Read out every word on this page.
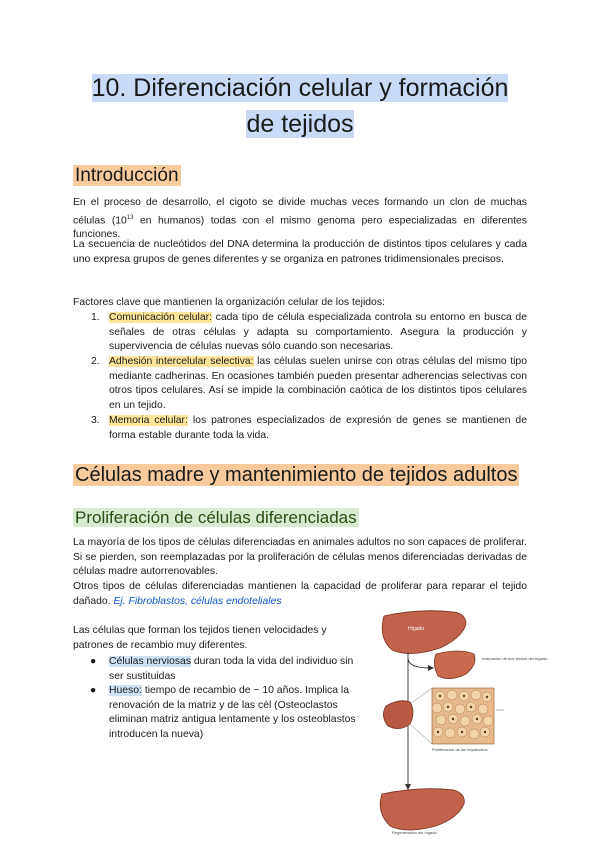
10. Diferenciación celular y formación
de tejidos
Introducción
En el proceso de desarrollo, el cigoto se divide muchas veces formando un clon de muchas células ($10^{13}$ en humanos) todas con el mismo genoma pero especializadas en diferentes funciones.
La secuencia de nucleótidos del DNA determina la producción de distintos tipos celulares y cada uno expresa grupos de genes diferentes y se organiza en patrones tridimensionales precisos.
Factores clave que mantienen la organización celular de los tejidos:
1. Comunicación celular: cada tipo de célula especializada controla su entorno en busca de señales de otras células y adapta su comportamiento. Asegura la producción y supervivencia de células nuevas sólo cuando son necesarias.
2. Adhesión intercelular selectiva: las células suelen unirse con otras células del mismo tipo mediante cadherinas. En ocasiones también pueden presentar adherencias selectivas con otros tipos celulares. Así se impide la combinación caótica de los distintos tipos celulares en un tejido.
3. Memoria celular: los patrones especializados de expresión de genes se mantienen de forma estable durante toda la vida.
Células madre y mantenimiento de tejidos adultos
Proliferación de células diferenciadas
La mayoría de los tipos de células diferenciadas en animales adultos no son capaces de proliferar. Si se pierden, son reemplazadas por la proliferación de células menos diferenciadas derivadas de células madre autorrenovables.
Otros tipos de células diferenciadas mantienen la capacidad de proliferar para reparar el tejido dañado. Ej. Fibroblastos, células endoteliales
Las células que forman los tejidos tienen velocidades y patrones de recambio muy diferentes.
● Células nerviosas duran toda la vida del individuo sin ser sustituidas
● Hueso: tiempo de recambio de ~ 10 años. Implica la renovación de la matriz y de las cél (Osteoclastos eliminan matriz antigua lentamente y los osteoblastos introducen la nueva)
Hígado
extirpación de dos tercios del hígado
Proliferación de los hepatocitos
Regeneración del hígado
